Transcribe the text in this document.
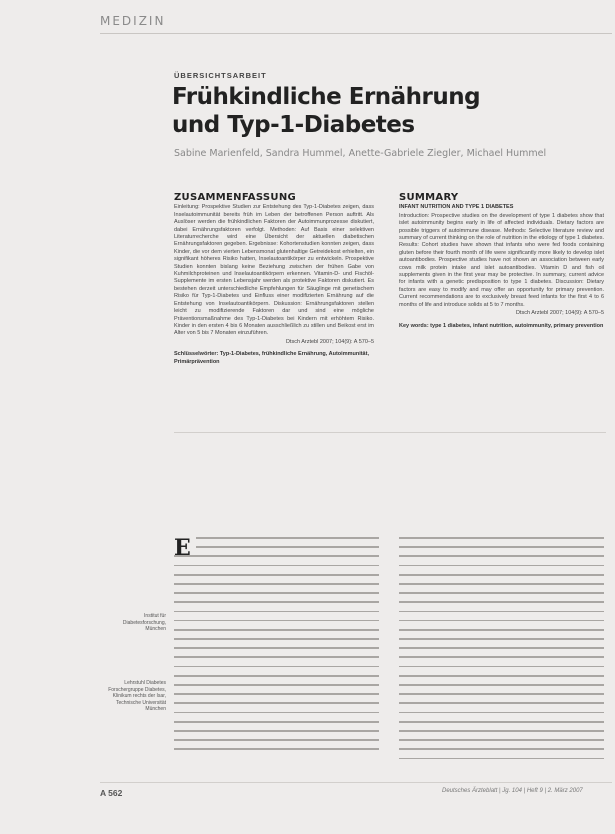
MEDIZIN
ÜBERSICHTSARBEIT
Frühkindliche Ernährung
und Typ-1-Diabetes
Sabine Marienfeld, Sandra Hummel, Anette-Gabriele Ziegler, Michael Hummel
ZUSAMMENFASSUNG
Einleitung: Prospektive Studien zur Entstehung des Typ-1-Diabetes zeigen, dass Inselautoimmunität bereits früh im Leben der betroffenen Person auftritt. Als Auslöser werden die frühkindlichen Faktoren der Autoimmunprozesse diskutiert, dabei Ernährungsfaktoren verfolgt. Methoden: Auf Basis einer selektiven Literaturrecherche wird eine Übersicht der aktuellen diabetischen Ernährungsfaktoren gegeben. Ergebnisse: Kohortenstudien konnten zeigen, dass Kinder, die vor dem vierten Lebensmonat glutenhaltige Getreidekost erhielten, ein signifikant höheres Risiko hatten, Inselautoantikörper zu entwickeln. Prospektive Studien konnten bislang keine Beziehung zwischen der frühen Gabe von Kuhmilchproteinen und Inselautoantikörpern erkennen. Vitamin-D- und Fischöl-Supplemente im ersten Lebensjahr werden als protektive Faktoren diskutiert. Es bestehen derzeit unterschiedliche Empfehlungen für Säuglinge mit genetischem Risiko für Typ-1-Diabetes und Einfluss einer modifizierten Ernährung auf die Entstehung von Inselautoantikörpern. Diskussion: Ernährungsfaktoren stellen leicht zu modifizierende Faktoren dar und sind eine mögliche Präventionsmaßnahme des Typ-1-Diabetes bei Kindern mit erhöhtem Risiko. Kinder in den ersten 4 bis 6 Monaten ausschließlich zu stillen und Beikost erst im Alter von 5 bis 7 Monaten einzuführen.
Dtsch Arztebl 2007; 104(9): A 570–5
Schlüsselwörter: Typ-1-Diabetes, frühkindliche Ernährung, Autoimmunität, Primärprävention
SUMMARY
INFANT NUTRITION AND TYPE 1 DIABETES
Introduction: Prospective studies on the development of type 1 diabetes show that islet autoimmunity begins early in life of affected individuals. Dietary factors are possible triggers of autoimmune disease. Methods: Selective literature review and summary of current thinking on the role of nutrition in the etiology of type 1 diabetes. Results: Cohort studies have shown that infants who were fed foods containing gluten before their fourth month of life were significantly more likely to develop islet autoantibodies. Prospective studies have not shown an association between early cows milk protein intake and islet autoantibodies. Vitamin D and fish oil supplements given in the first year may be protective. In summary, current advice for infants with a genetic predisposition to type 1 diabetes. Discussion: Dietary factors are easy to modify and may offer an opportunity for primary prevention. Current recommendations are to exclusively breast feed infants for the first 4 to 6 months of life and introduce solids at 5 to 7 months.
Dtsch Arztebl 2007; 104(9): A 570–5
Key words: type 1 diabetes, infant nutrition, autoimmunity, primary prevention
Institut für Diabetesforschung, München
Lehrstuhl Diabetes Forschergruppe Diabetes, Klinikum rechts der Isar, Technische Universität München
E
A 562	Deutsches Ärzteblatt | Jg. 104 | Heft 9 | 2. März 2007
